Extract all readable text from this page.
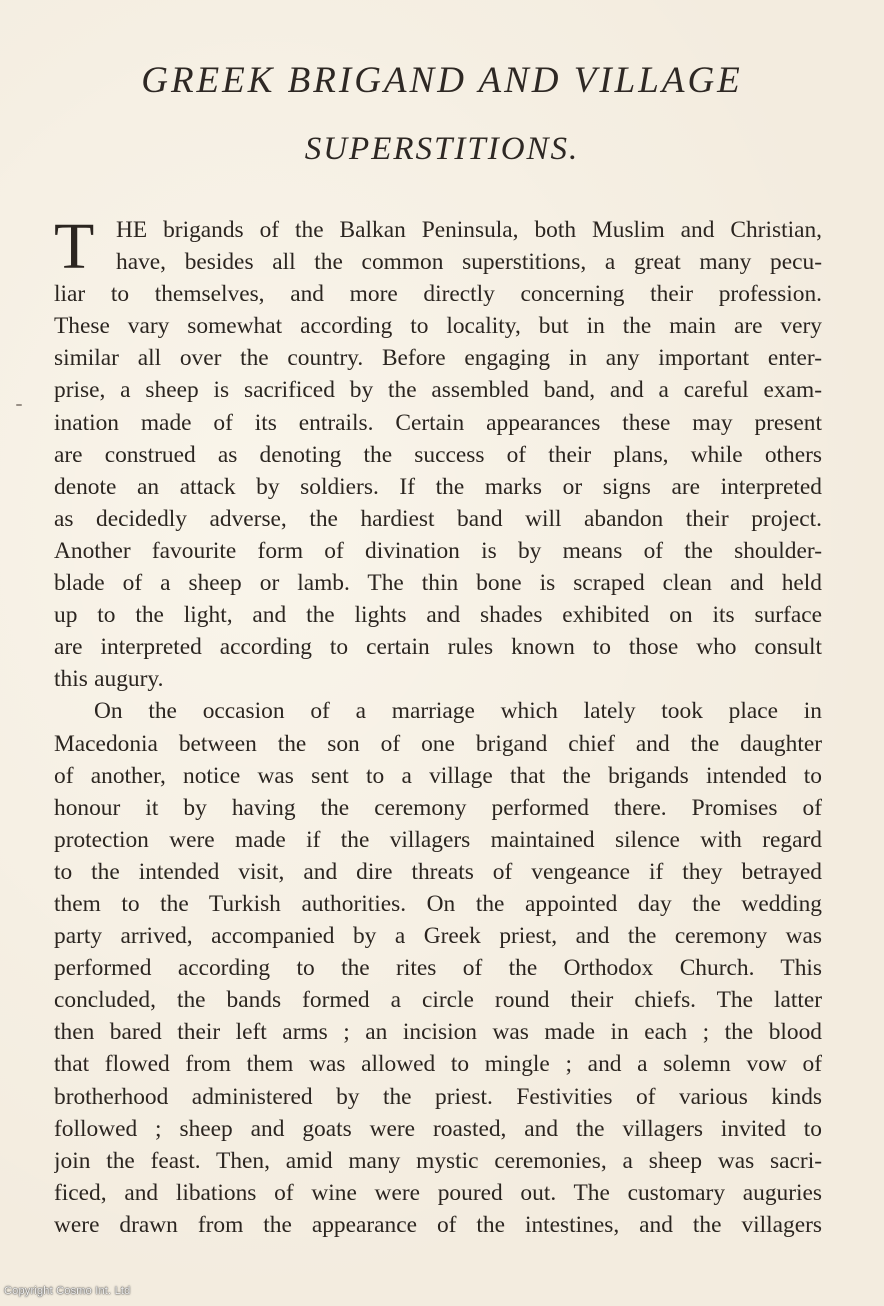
GREEK BRIGAND AND VILLAGE
SUPERSTITIONS.
T HE brigands of the Balkan Peninsula, both Muslim and Christian,
have, besides all the common superstitions, a great many pecu-
liar to themselves, and more directly concerning their profession.
These vary somewhat according to locality, but in the main are very
similar all over the country. Before engaging in any important enter-
prise, a sheep is sacrificed by the assembled band, and a careful exam-
ination made of its entrails. Certain appearances these may present
are construed as denoting the success of their plans, while others
denote an attack by soldiers. If the marks or signs are interpreted
as decidedly adverse, the hardiest band will abandon their project.
Another favourite form of divination is by means of the shoulder-
blade of a sheep or lamb. The thin bone is scraped clean and held
up to the light, and the lights and shades exhibited on its surface
are interpreted according to certain rules known to those who consult
this augury.
On the occasion of a marriage which lately took place in
Macedonia between the son of one brigand chief and the daughter
of another, notice was sent to a village that the brigands intended to
honour it by having the ceremony performed there. Promises of
protection were made if the villagers maintained silence with regard
to the intended visit, and dire threats of vengeance if they betrayed
them to the Turkish authorities. On the appointed day the wedding
party arrived, accompanied by a Greek priest, and the ceremony was
performed according to the rites of the Orthodox Church. This
concluded, the bands formed a circle round their chiefs. The latter
then bared their left arms ; an incision was made in each ; the blood
that flowed from them was allowed to mingle ; and a solemn vow of
brotherhood administered by the priest. Festivities of various kinds
followed ; sheep and goats were roasted, and the villagers invited to
join the feast. Then, amid many mystic ceremonies, a sheep was sacri-
ficed, and libations of wine were poured out. The customary auguries
were drawn from the appearance of the intestines, and the villagers
Copyright Cosmo Int. Ltd
